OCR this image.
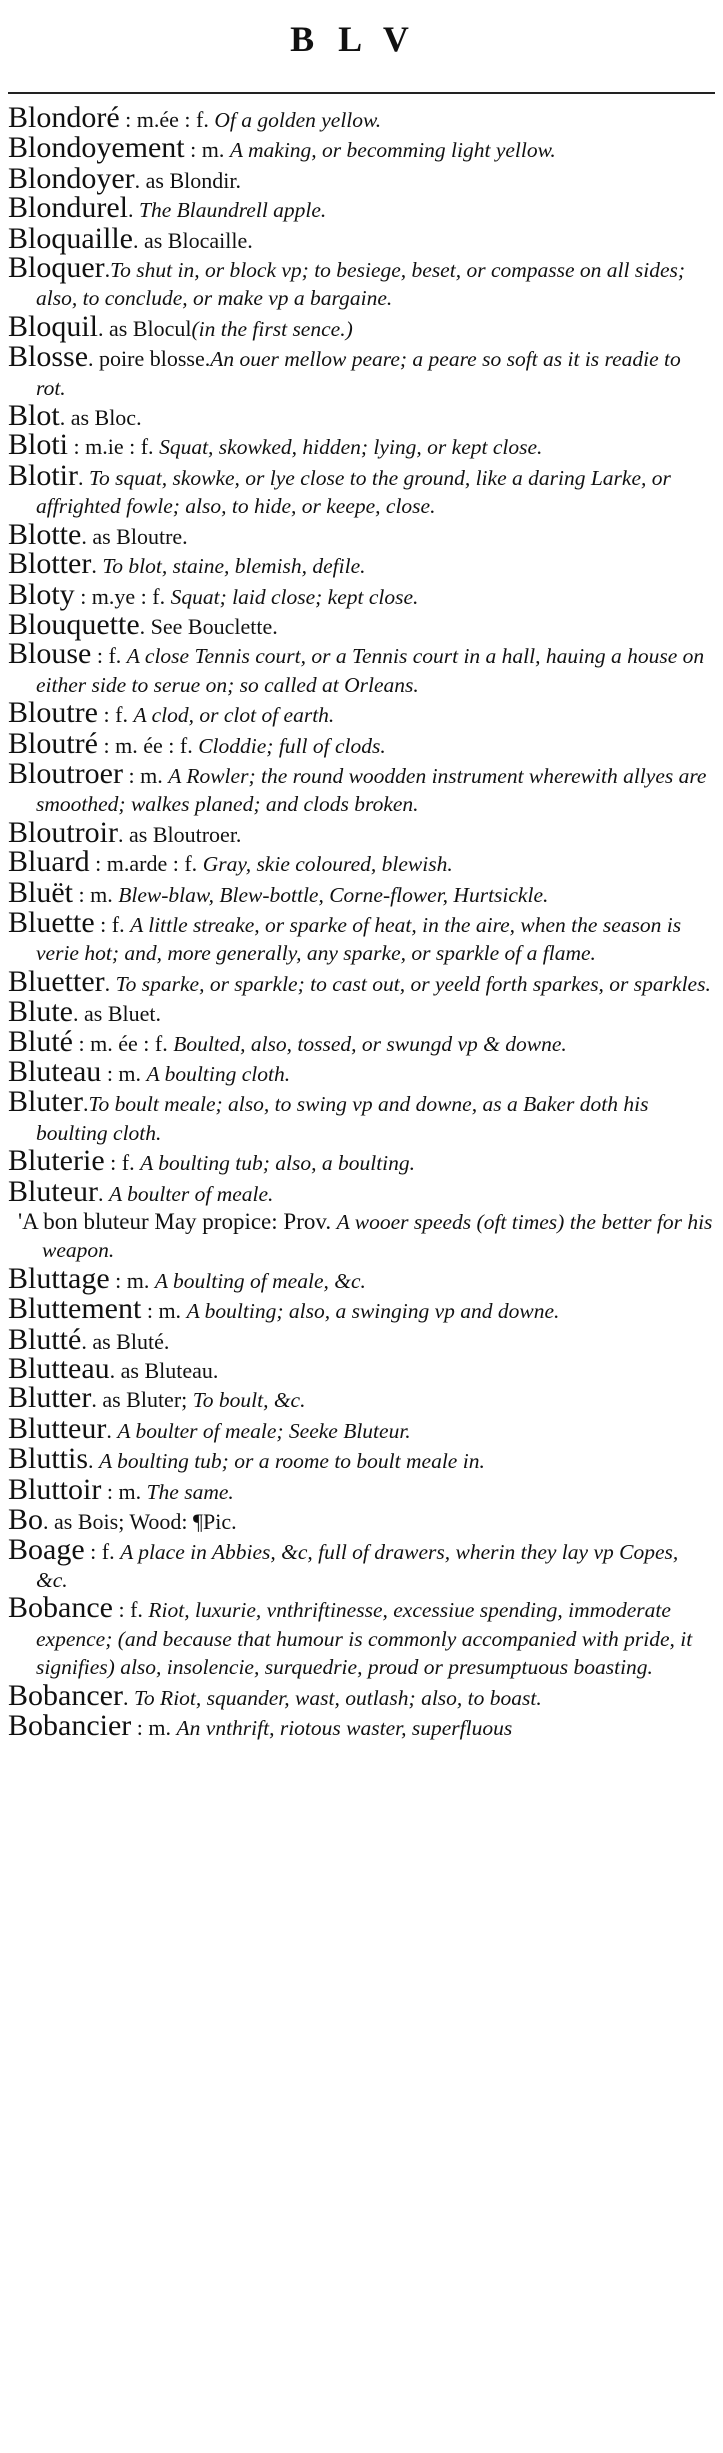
BLV

Blondoré : m.ée : f. Of a golden yellow.

Blondoyement : m. A making, or becomming light yellow.

Blondoyer. as Blondir.

Blondurel. The Blaundrell apple.

Bloquaille. as Blocaille.

Bloquer.To shut in, or block vp; to besiege, beset, or compasse on all sides; also, to conclude, or make vp a bargaine.

Bloquil. as Blocul(in the first sence.)

Blosse. poire blosse.An ouer mellow peare; a peare so soft as it is readie to rot.

Blot. as Bloc.

Bloti : m.ie : f. Squat, skowked, hidden; lying, or kept close.

Blotir. To squat, skowke, or lye close to the ground, like a daring Larke, or affrighted fowle; also, to hide, or keepe, close.

Blotte. as Bloutre.

Blotter. To blot, staine, blemish, defile.

Bloty : m.ye : f. Squat; laid close; kept close.

Blouquette. See Bouclette.

Blouse : f. A close Tennis court, or a Tennis court in a hall, hauing a house on either side to serue on; so called at Orleans.

Bloutre : f. A clod, or clot of earth.

Bloutré : m. ée : f. Cloddie; full of clods.

Bloutroer : m. A Rowler; the round woodden instrument wherewith allyes are smoothed; walkes planed; and clods broken.

Bloutroir. as Bloutroer.

Bluard : m.arde : f. Gray, skie coloured, blewish.

Bluët : m. Blew-blaw, Blew-bottle, Corne-flower, Hurtsickle.

Bluette : f. A little streake, or sparke of heat, in the aire, when the season is verie hot; and, more generally, any sparke, or sparkle of a flame.

Bluetter. To sparke, or sparkle; to cast out, or yeeld forth sparkes, or sparkles.

Blute. as Bluet.

Bluté : m. ée : f. Boulted, also, tossed, or swungd vp & downe.

Bluteau : m. A boulting cloth.

Bluter.To boult meale; also, to swing vp and downe, as a Baker doth his boulting cloth.

Bluterie : f. A boulting tub; also, a boulting.

Bluteur. A boulter of meale.

'A bon bluteur May propice: Prov. A wooer speeds (oft times) the better for his weapon.

Bluttage : m. A boulting of meale, &c.

Bluttement : m. A boulting; also, a swinging vp and downe.

Blutté. as Bluté.

Blutteau. as Bluteau.

Blutter. as Bluter; To boult, &c.

Blutteur. A boulter of meale; Seeke Bluteur.

Bluttis. A boulting tub; or a roome to boult meale in.

Bluttoir : m. The same.

Bo. as Bois; Wood: ¶Pic.

Boage : f. A place in Abbies, &c, full of drawers, wherin they lay vp Copes, &c.

Bobance : f. Riot, luxurie, vnthriftinesse, excessiue spending, immoderate expence; (and because that humour is commonly accompanied with pride, it signifies) also, insolencie, surquedrie, proud or presumptuous boasting.

Bobancer. To Riot, squander, wast, outlash; also, to boast.

Bobancier : m. An vnthrift, riotous waster, superfluous
